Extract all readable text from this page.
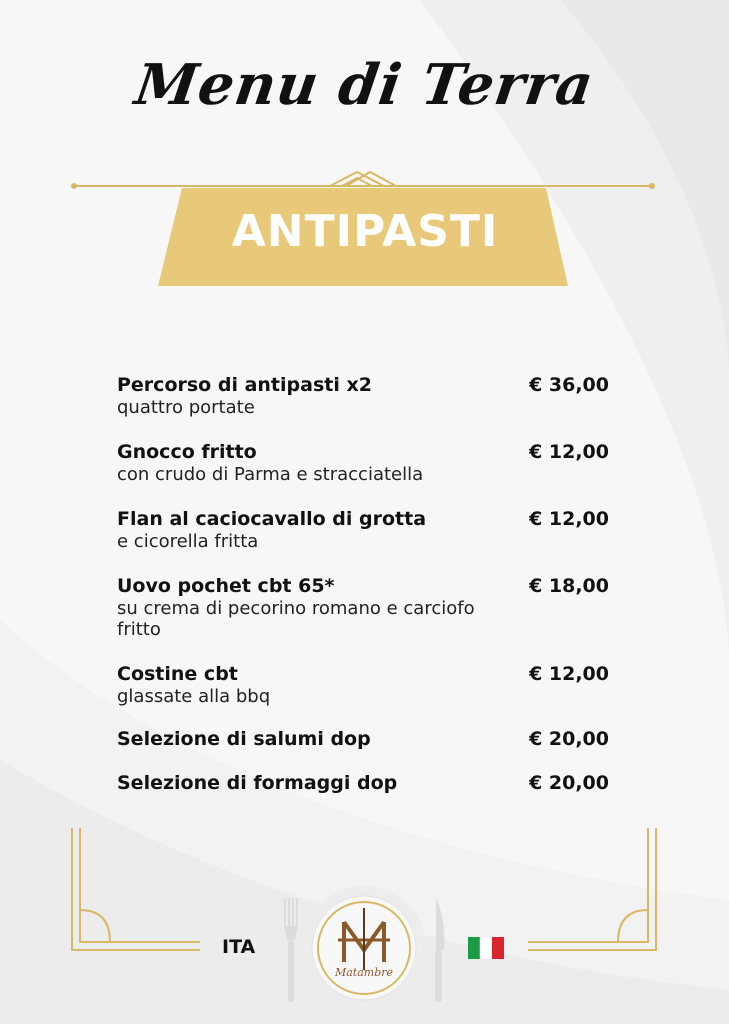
Menu di Terra
ANTIPASTI
Percorso di antipasti x2	€ 36,00
quattro portate
Gnocco fritto	€ 12,00
con crudo di Parma e stracciatella
Flan al caciocavallo di grotta	€ 12,00
e cicorella fritta
Uovo pochet cbt 65*	€ 18,00
su crema di pecorino romano e carciofo fritto
Costine cbt	€ 12,00
glassate alla bbq
Selezione di salumi dop	€ 20,00
Selezione di formaggi dop	€ 20,00
Matambre
ITA
